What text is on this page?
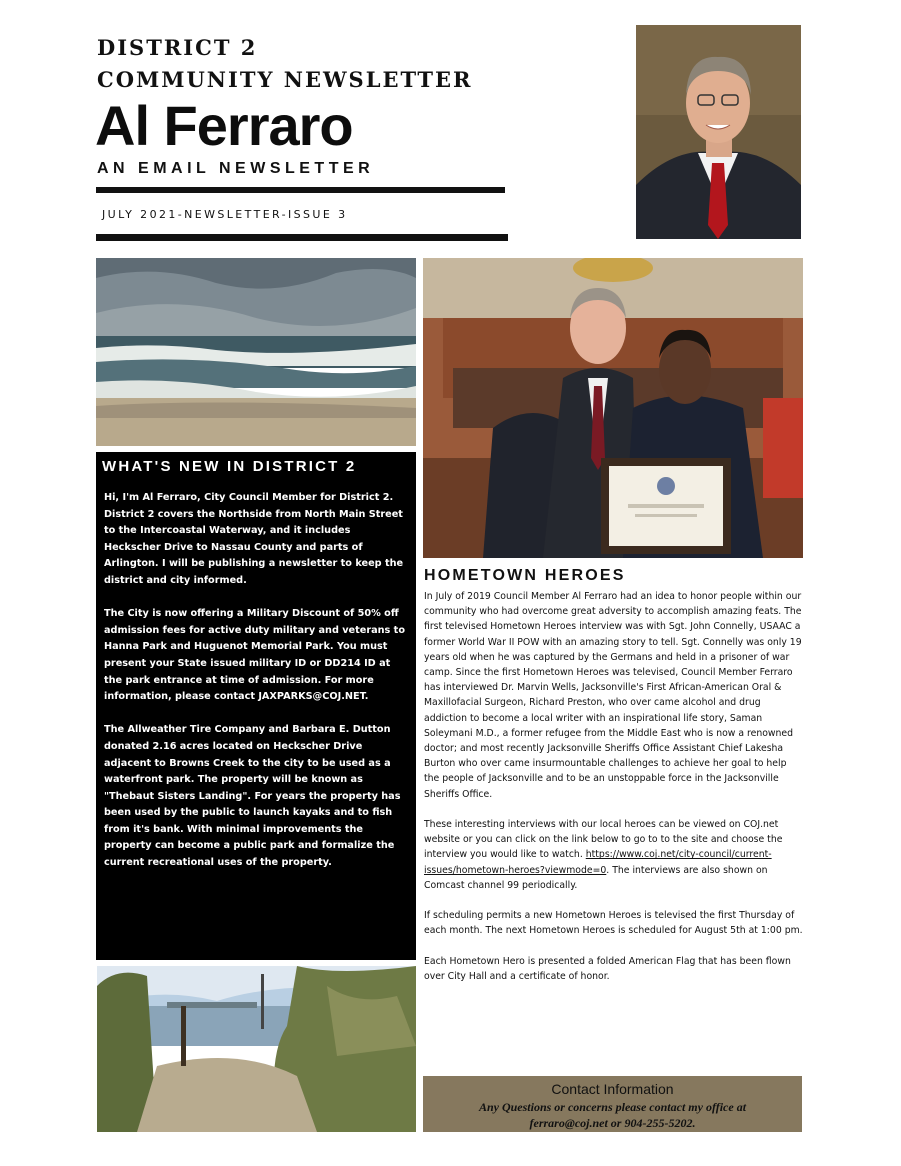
DISTRICT 2
COMMUNITY NEWSLETTER
Al Ferraro
AN EMAIL NEWSLETTER
JULY 2021-NEWSLETTER-ISSUE 3
WHAT'S NEW IN DISTRICT 2

Hi, I'm Al Ferraro, City Council Member for District 2. District 2 covers the Northside from North Main Street to the Intercoastal Waterway, and it includes Heckscher Drive to Nassau County and parts of Arlington. I will be publishing a newsletter to keep the district and city informed.

The City is now offering a Military Discount of 50% off admission fees for active duty military and veterans to Hanna Park and Huguenot Memorial Park. You must present your State issued military ID or DD214 ID at the park entrance at time of admission. For more information, please contact JAXPARKS@COJ.NET.

The Allweather Tire Company and Barbara E. Dutton donated 2.16 acres located on Heckscher Drive adjacent to Browns Creek to the city to be used as a waterfront park. The property will be known as "Thebaut Sisters Landing". For years the property has been used by the public to launch kayaks and to fish from it's bank. With minimal improvements the property can become a public park and formalize the current recreational uses of the property.

HOMETOWN HEROES

In July of 2019 Council Member Al Ferraro had an idea to honor people within our community who had overcome great adversity to accomplish amazing feats. The first televised Hometown Heroes interview was with Sgt. John Connelly, USAAC a former World War II POW with an amazing story to tell. Sgt. Connelly was only 19 years old when he was captured by the Germans and held in a prisoner of war camp. Since the first Hometown Heroes was televised, Council Member Ferraro has interviewed Dr. Marvin Wells, Jacksonville's First African-American Oral & Maxillofacial Surgeon, Richard Preston, who over came alcohol and drug addiction to become a local writer with an inspirational life story, Saman Soleymani M.D., a former refugee from the Middle East who is now a renowned doctor; and most recently Jacksonville Sheriffs Office Assistant Chief Lakesha Burton who over came insurmountable challenges to achieve her goal to help the people of Jacksonville and to be an unstoppable force in the Jacksonville Sheriffs Office.

These interesting interviews with our local heroes can be viewed on COJ.net website or you can click on the link below to go to to the site and choose the interview you would like to watch. https://www.coj.net/city-council/current-issues/hometown-heroes?viewmode=0. The interviews are also shown on Comcast channel 99 periodically.

If scheduling permits a new Hometown Heroes is televised the first Thursday of each month. The next Hometown Heroes is scheduled for August 5th at 1:00 pm.

Each Hometown Hero is presented a folded American Flag that has been flown over City Hall and a certificate of honor.

Contact Information
Any Questions or concerns please contact my office at ferraro@coj.net or 904-255-5202.
